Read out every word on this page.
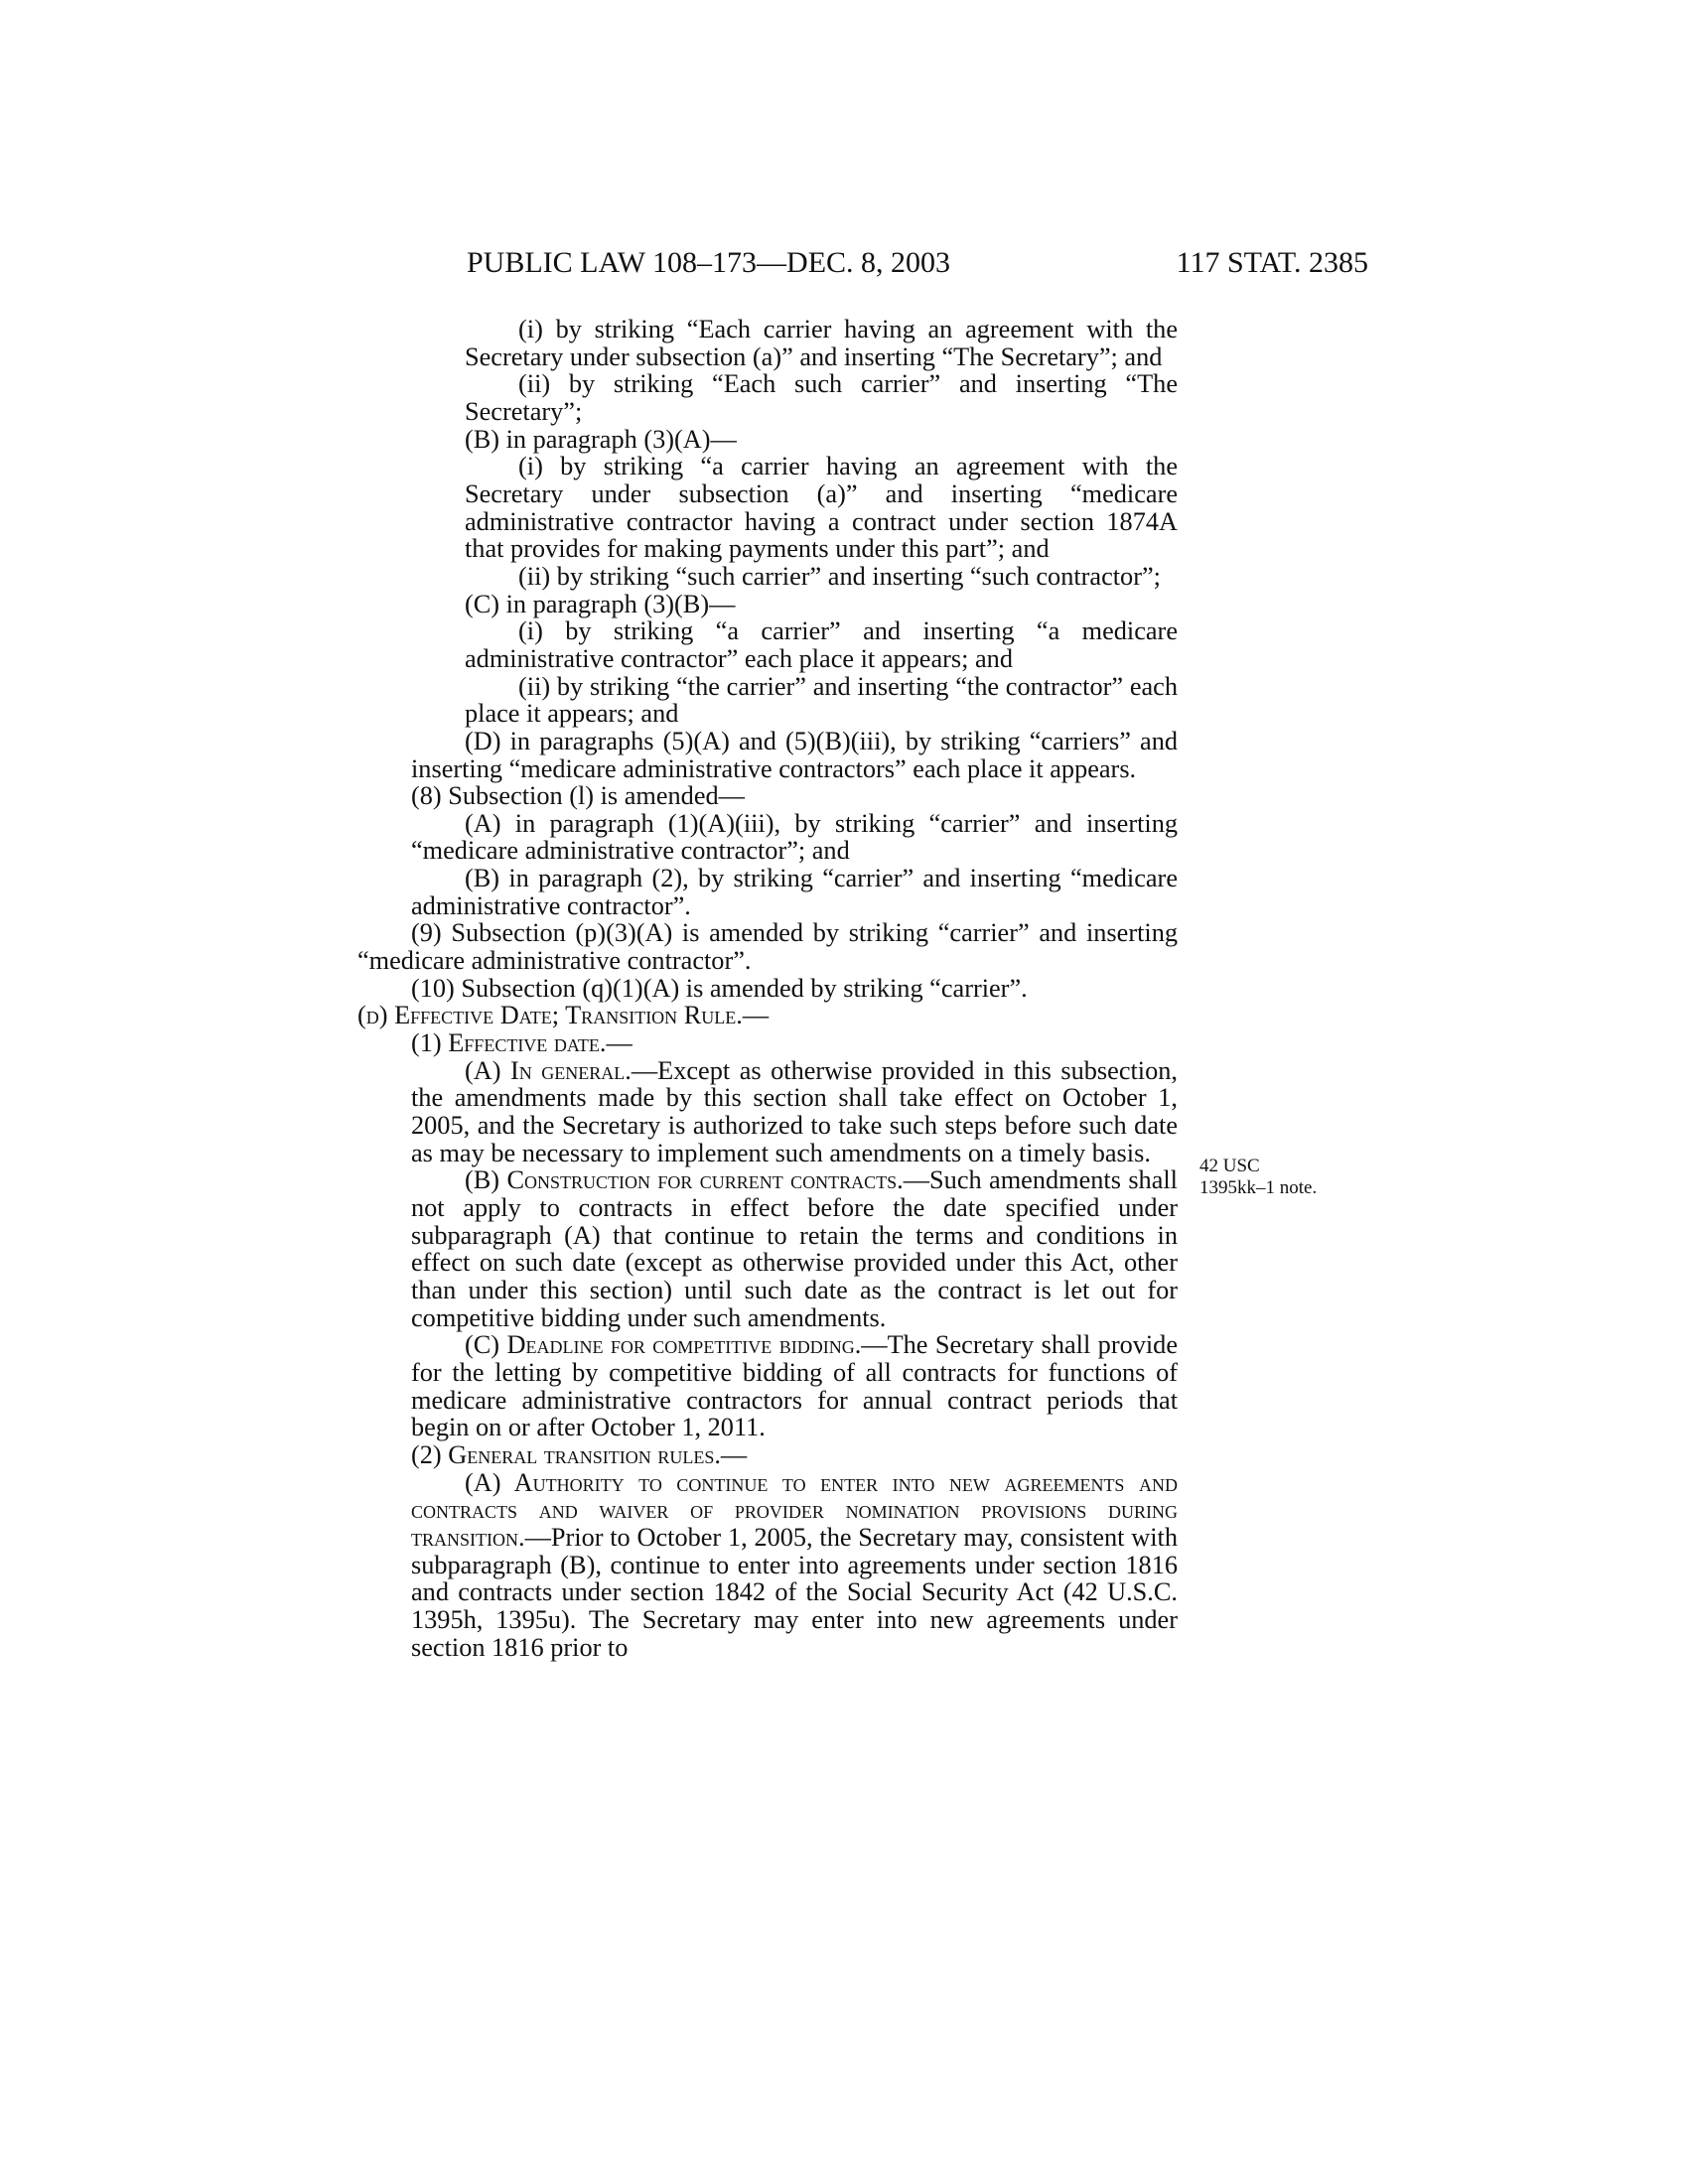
PUBLIC LAW 108–173—DEC. 8, 2003	117 STAT. 2385

(i) by striking “Each carrier having an agreement with the Secretary under subsection (a)” and inserting “The Secretary”; and

(ii) by striking “Each such carrier” and inserting “The Secretary”;

(B) in paragraph (3)(A)—

(i) by striking “a carrier having an agreement with the Secretary under subsection (a)” and inserting “medicare administrative contractor having a contract under section 1874A that provides for making payments under this part”; and

(ii) by striking “such carrier” and inserting “such contractor”;

(C) in paragraph (3)(B)—

(i) by striking “a carrier” and inserting “a medicare administrative contractor” each place it appears; and

(ii) by striking “the carrier” and inserting “the contractor” each place it appears; and

(D) in paragraphs (5)(A) and (5)(B)(iii), by striking “carriers” and inserting “medicare administrative contractors” each place it appears.

(8) Subsection (l) is amended—

(A) in paragraph (1)(A)(iii), by striking “carrier” and inserting “medicare administrative contractor”; and

(B) in paragraph (2), by striking “carrier” and inserting “medicare administrative contractor”.

(9) Subsection (p)(3)(A) is amended by striking “carrier” and inserting “medicare administrative contractor”.

(10) Subsection (q)(1)(A) is amended by striking “carrier”.

(d) Effective Date; Transition Rule.—

(1) Effective date.—

(A) In general.—Except as otherwise provided in this subsection, the amendments made by this section shall take effect on October 1, 2005, and the Secretary is authorized to take such steps before such date as may be necessary to implement such amendments on a timely basis.

(B) Construction for current contracts.—Such amendments shall not apply to contracts in effect before the date specified under subparagraph (A) that continue to retain the terms and conditions in effect on such date (except as otherwise provided under this Act, other than under this section) until such date as the contract is let out for competitive bidding under such amendments.

(C) Deadline for competitive bidding.—The Secretary shall provide for the letting by competitive bidding of all contracts for functions of medicare administrative contractors for annual contract periods that begin on or after October 1, 2011.

(2) General transition rules.—

(A) Authority to continue to enter into new agreements and contracts and waiver of provider nomination provisions during transition.—Prior to October 1, 2005, the Secretary may, consistent with subparagraph (B), continue to enter into agreements under section 1816 and contracts under section 1842 of the Social Security Act (42 U.S.C. 1395h, 1395u). The Secretary may enter into new agreements under section 1816 prior to

42 USC
1395kk–1 note.
